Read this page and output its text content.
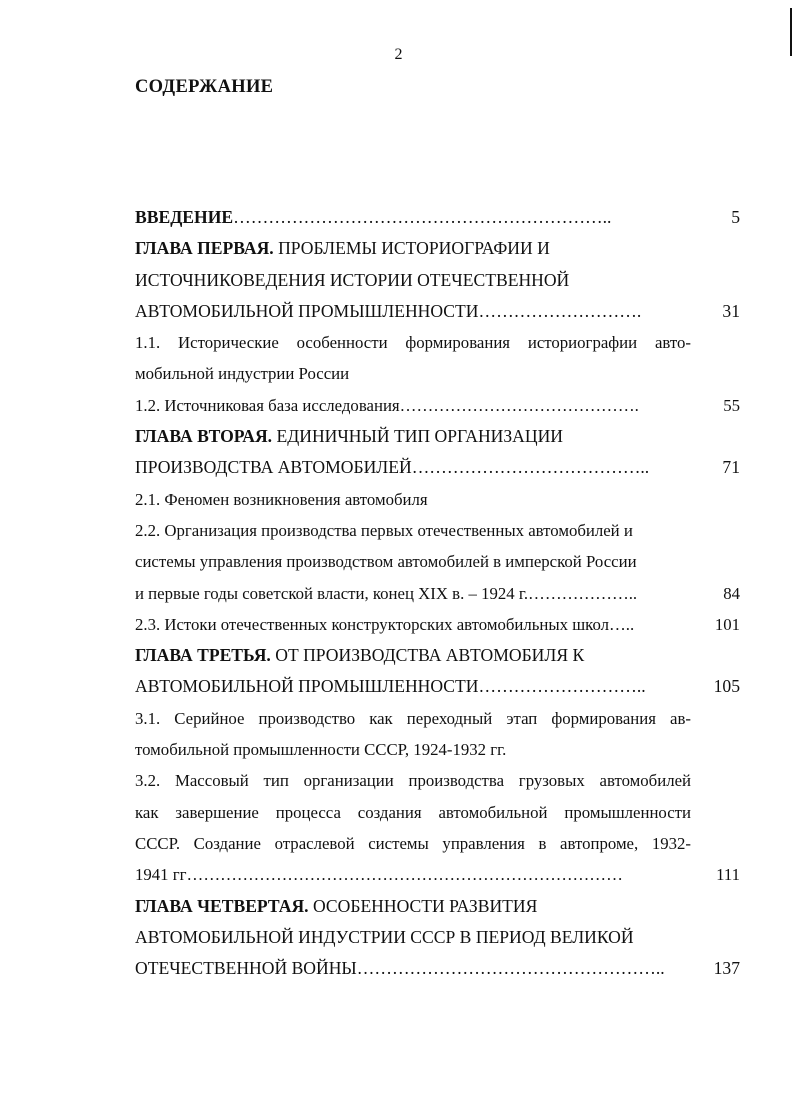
2
СОДЕРЖАНИЕ
ВВЕДЕНИЕ………………………………………………………..	5
ГЛАВА ПЕРВАЯ. ПРОБЛЕМЫ ИСТОРИОГРАФИИ И
ИСТОЧНИКОВЕДЕНИЯ ИСТОРИИ ОТЕЧЕСТВЕННОЙ
АВТОМОБИЛЬНОЙ ПРОМЫШЛЕННОСТИ……………………….	31
1.1. Исторические особенности формирования историографии авто-
мобильной индустрии России
1.2. Источниковая база исследования…………………………………….	55
ГЛАВА ВТОРАЯ. ЕДИНИЧНЫЙ ТИП ОРГАНИЗАЦИИ
ПРОИЗВОДСТВА АВТОМОБИЛЕЙ…………………………………..	71
2.1. Феномен возникновения автомобиля
2.2. Организация производства первых отечественных автомобилей и
системы управления производством автомобилей в имперской России
и первые годы советской власти, конец XIX в. – 1924 г.………………..	84
2.3. Истоки отечественных конструкторских автомобильных школ…..	101
ГЛАВА ТРЕТЬЯ. ОТ ПРОИЗВОДСТВА АВТОМОБИЛЯ К
АВТОМОБИЛЬНОЙ ПРОМЫШЛЕННОСТИ………………………..	105
3.1. Серийное производство как переходный этап формирования ав-
томобильной промышленности СССР, 1924-1932 гг.
3.2. Массовый тип организации производства грузовых автомобилей
как завершение процесса создания автомобильной промышленности
СССР. Создание отраслевой системы управления в автопроме, 1932-
1941 гг……………………………………………………………………	111
ГЛАВА ЧЕТВЕРТАЯ. ОСОБЕННОСТИ РАЗВИТИЯ
АВТОМОБИЛЬНОЙ ИНДУСТРИИ СССР В ПЕРИОД ВЕЛИКОЙ
ОТЕЧЕСТВЕННОЙ ВОЙНЫ……………………………………………..	137
